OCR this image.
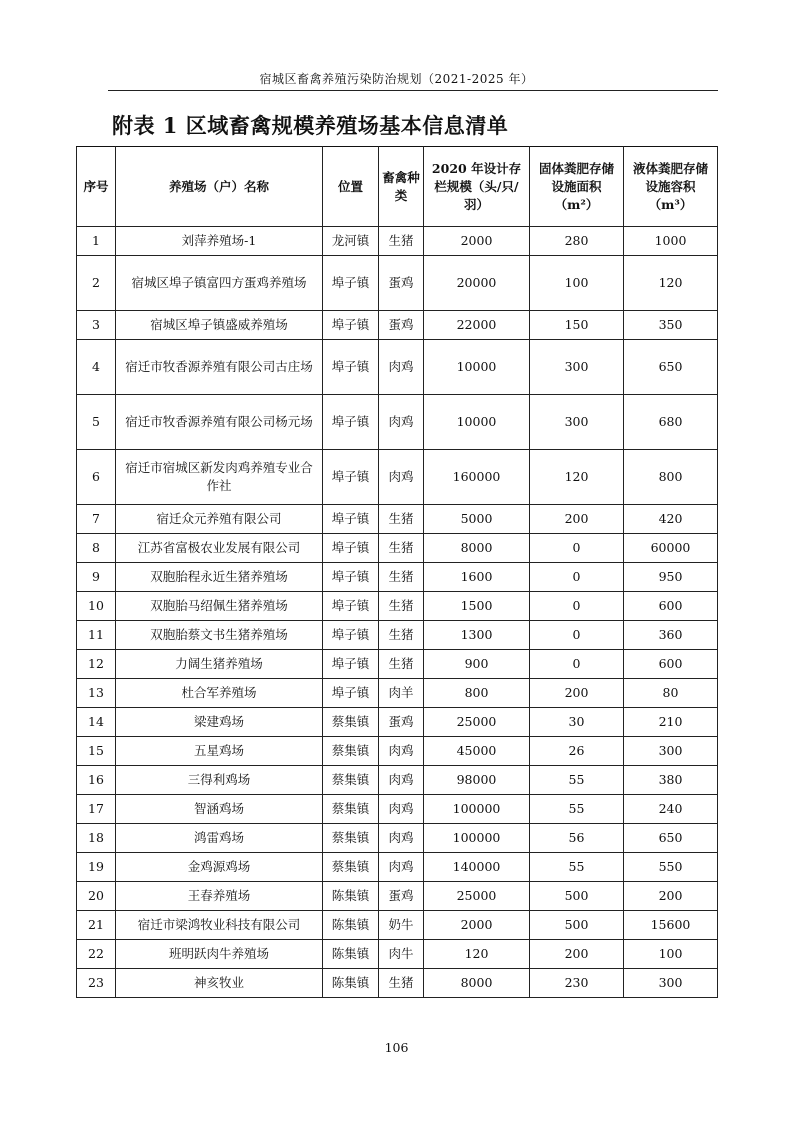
宿城区畜禽养殖污染防治规划（2021-2025 年）
附表 1 区域畜禽规模养殖场基本信息清单
序号	养殖场（户）名称	位置	畜禽种类	2020 年设计存栏规模（头/只/羽）	固体粪肥存储设施面积（m²）	液体粪肥存储设施容积（m³）
1	刘萍养殖场-1	龙河镇	生猪	2000	280	1000
2	宿城区埠子镇富四方蛋鸡养殖场	埠子镇	蛋鸡	20000	100	120
3	宿城区埠子镇盛威养殖场	埠子镇	蛋鸡	22000	150	350
4	宿迁市牧香源养殖有限公司古庄场	埠子镇	肉鸡	10000	300	650
5	宿迁市牧香源养殖有限公司杨元场	埠子镇	肉鸡	10000	300	680
6	宿迁市宿城区新发肉鸡养殖专业合作社	埠子镇	肉鸡	160000	120	800
7	宿迁众元养殖有限公司	埠子镇	生猪	5000	200	420
8	江苏省富极农业发展有限公司	埠子镇	生猪	8000	0	60000
9	双胞胎程永近生猪养殖场	埠子镇	生猪	1600	0	950
10	双胞胎马绍佩生猪养殖场	埠子镇	生猪	1500	0	600
11	双胞胎蔡文书生猪养殖场	埠子镇	生猪	1300	0	360
12	力阔生猪养殖场	埠子镇	生猪	900	0	600
13	杜合军养殖场	埠子镇	肉羊	800	200	80
14	梁建鸡场	蔡集镇	蛋鸡	25000	30	210
15	五星鸡场	蔡集镇	肉鸡	45000	26	300
16	三得利鸡场	蔡集镇	肉鸡	98000	55	380
17	智涵鸡场	蔡集镇	肉鸡	100000	55	240
18	鸿雷鸡场	蔡集镇	肉鸡	100000	56	650
19	金鸡源鸡场	蔡集镇	肉鸡	140000	55	550
20	王春养殖场	陈集镇	蛋鸡	25000	500	200
21	宿迁市梁鸿牧业科技有限公司	陈集镇	奶牛	2000	500	15600
22	班明跃肉牛养殖场	陈集镇	肉牛	120	200	100
23	神亥牧业	陈集镇	生猪	8000	230	300
106
